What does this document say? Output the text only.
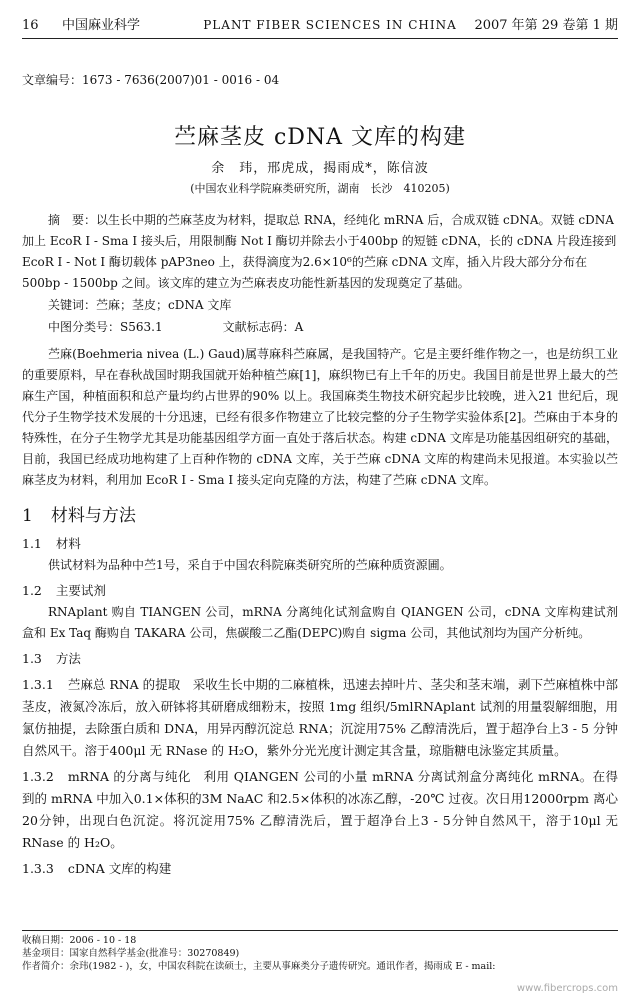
16	中国麻业科学	PLANT FIBER SCIENCES IN CHINA	2007 年第 29 卷第 1 期
文章编号：1673 - 7636(2007)01 - 0016 - 04
苎麻茎皮 cDNA 文库的构建
余　玮，邢虎成，揭雨成*，陈信波
(中国农业科学院麻类研究所，湖南　长沙　410205)
摘　要：以生长中期的苎麻茎皮为材料，提取总 RNA，经纯化 mRNA 后，合成双链 cDNA。双链 cDNA 加上 EcoR I - Sma I 接头后，用限制酶 Not I 酶切并除去小于400bp 的短链 cDNA，长的 cDNA 片段连接到 EcoR I - Not I 酶切载体 pAP3neo 上，获得滴度为2.6×10⁶的苎麻 cDNA 文库，插入片段大部分分布在500bp - 1500bp 之间。该文库的建立为苎麻表皮功能性新基因的发现奠定了基础。
关键词：苎麻；茎皮；cDNA 文库
中图分类号：S563.1	文献标志码：A
苎麻(Boehmeria nivea (L.) Gaud)属荨麻科苎麻属，是我国特产。它是主要纤维作物之一，也是纺织工业的重要原料，早在春秋战国时期我国就开始种植苎麻[1]，麻织物已有上千年的历史。我国目前是世界上最大的苎麻生产国，种植面积和总产量均约占世界的90% 以上。我国麻类生物技术研究起步比较晚，进入21 世纪后，现代分子生物学技术发展的十分迅速，已经有很多作物建立了比较完整的分子生物学实验体系[2]。苎麻由于本身的特殊性，在分子生物学尤其是功能基因组学方面一直处于落后状态。构建 cDNA 文库是功能基因组研究的基础，目前，我国已经成功地构建了上百种作物的 cDNA 文库，关于苎麻 cDNA 文库的构建尚未见报道。本实验以苎麻茎皮为材料，利用加 EcoR I - Sma I 接头定向克隆的方法，构建了苎麻 cDNA 文库。
1 材料与方法
1.1 材料
供试材料为品种中苎1号，采自于中国农科院麻类研究所的苎麻种质资源圃。
1.2 主要试剂
RNAplant 购自 TIANGEN 公司，mRNA 分离纯化试剂盒购自 QIANGEN 公司，cDNA 文库构建试剂盒和 Ex Taq 酶购自 TAKARA 公司，焦碳酸二乙酯(DEPC)购自 sigma 公司，其他试剂均为国产分析纯。
1.3 方法
1.3.1 苎麻总 RNA 的提取　采收生长中期的二麻植株，迅速去掉叶片、茎尖和茎末端，剥下苎麻植株中部茎皮，液氮冷冻后，放入研钵将其研磨成细粉末，按照 1mg 组织/5mlRNAplant 试剂的用量裂解细胞，用氯仿抽提，去除蛋白质和 DNA，用异丙醇沉淀总 RNA；沉淀用75% 乙醇清洗后，置于超净台上3 - 5 分钟自然风干。溶于400μl 无 RNase 的 H₂O，紫外分光光度计测定其含量，琼脂糖电泳鉴定其质量。
1.3.2 mRNA 的分离与纯化　利用 QIANGEN 公司的小量 mRNA 分离试剂盒分离纯化 mRNA。在得到的 mRNA 中加入0.1×体积的3M NaAC 和2.5×体积的冰冻乙醇，-20℃ 过夜。次日用12000rpm 离心20分钟，出现白色沉淀。将沉淀用75% 乙醇清洗后，置于超净台上3 - 5分钟自然风干，溶于10μl 无 RNase 的 H₂O。
1.3.3 cDNA 文库的构建
收稿日期：2006 - 10 - 18
基金项目：国家自然科学基金(批准号：30270849)
作者简介：余玮(1982 - )，女，中国农科院在读硕士，主要从事麻类分子遗传研究。通讯作者，揭雨成 E - mail:
www.fibercrops.com
